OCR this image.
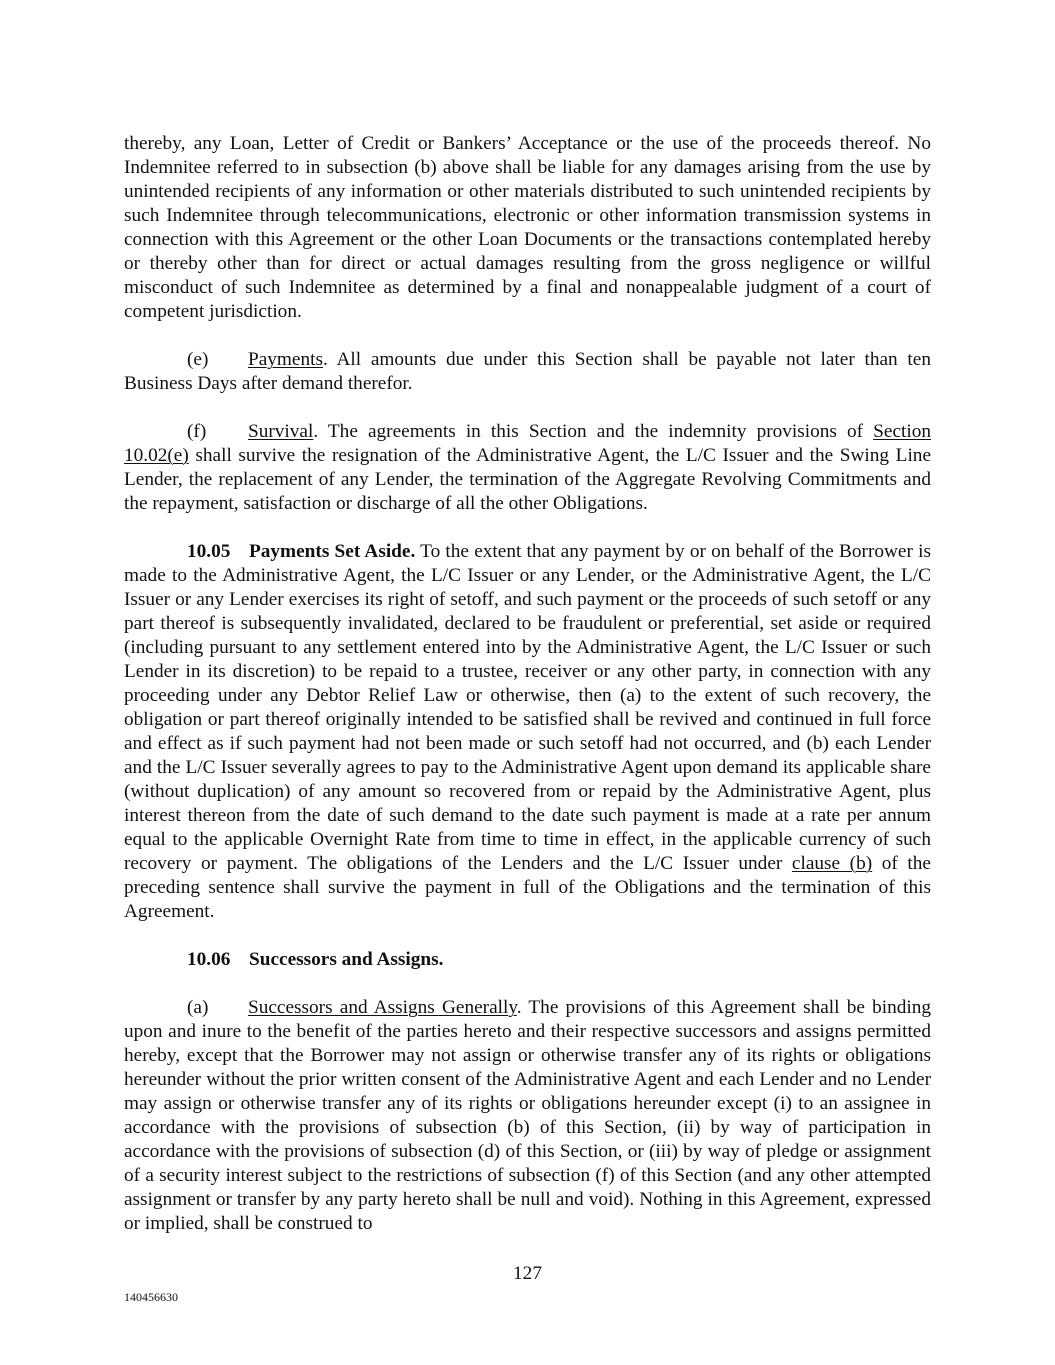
thereby, any Loan, Letter of Credit or Bankers’ Acceptance or the use of the proceeds thereof. No Indemnitee referred to in subsection (b) above shall be liable for any damages arising from the use by unintended recipients of any information or other materials distributed to such unintended recipients by such Indemnitee through telecommunications, electronic or other information transmission systems in connection with this Agreement or the other Loan Documents or the transactions contemplated hereby or thereby other than for direct or actual damages resulting from the gross negligence or willful misconduct of such Indemnitee as determined by a final and nonappealable judgment of a court of competent jurisdiction.

(e) Payments. All amounts due under this Section shall be payable not later than ten Business Days after demand therefor.

(f) Survival. The agreements in this Section and the indemnity provisions of Section 10.02(e) shall survive the resignation of the Administrative Agent, the L/C Issuer and the Swing Line Lender, the replacement of any Lender, the termination of the Aggregate Revolving Commitments and the repayment, satisfaction or discharge of all the other Obligations.

10.05 Payments Set Aside. To the extent that any payment by or on behalf of the Borrower is made to the Administrative Agent, the L/C Issuer or any Lender, or the Administrative Agent, the L/C Issuer or any Lender exercises its right of setoff, and such payment or the proceeds of such setoff or any part thereof is subsequently invalidated, declared to be fraudulent or preferential, set aside or required (including pursuant to any settlement entered into by the Administrative Agent, the L/C Issuer or such Lender in its discretion) to be repaid to a trustee, receiver or any other party, in connection with any proceeding under any Debtor Relief Law or otherwise, then (a) to the extent of such recovery, the obligation or part thereof originally intended to be satisfied shall be revived and continued in full force and effect as if such payment had not been made or such setoff had not occurred, and (b) each Lender and the L/C Issuer severally agrees to pay to the Administrative Agent upon demand its applicable share (without duplication) of any amount so recovered from or repaid by the Administrative Agent, plus interest thereon from the date of such demand to the date such payment is made at a rate per annum equal to the applicable Overnight Rate from time to time in effect, in the applicable currency of such recovery or payment. The obligations of the Lenders and the L/C Issuer under clause (b) of the preceding sentence shall survive the payment in full of the Obligations and the termination of this Agreement.

10.06 Successors and Assigns.

(a) Successors and Assigns Generally. The provisions of this Agreement shall be binding upon and inure to the benefit of the parties hereto and their respective successors and assigns permitted hereby, except that the Borrower may not assign or otherwise transfer any of its rights or obligations hereunder without the prior written consent of the Administrative Agent and each Lender and no Lender may assign or otherwise transfer any of its rights or obligations hereunder except (i) to an assignee in accordance with the provisions of subsection (b) of this Section, (ii) by way of participation in accordance with the provisions of subsection (d) of this Section, or (iii) by way of pledge or assignment of a security interest subject to the restrictions of subsection (f) of this Section (and any other attempted assignment or transfer by any party hereto shall be null and void). Nothing in this Agreement, expressed or implied, shall be construed to

127
140456630
